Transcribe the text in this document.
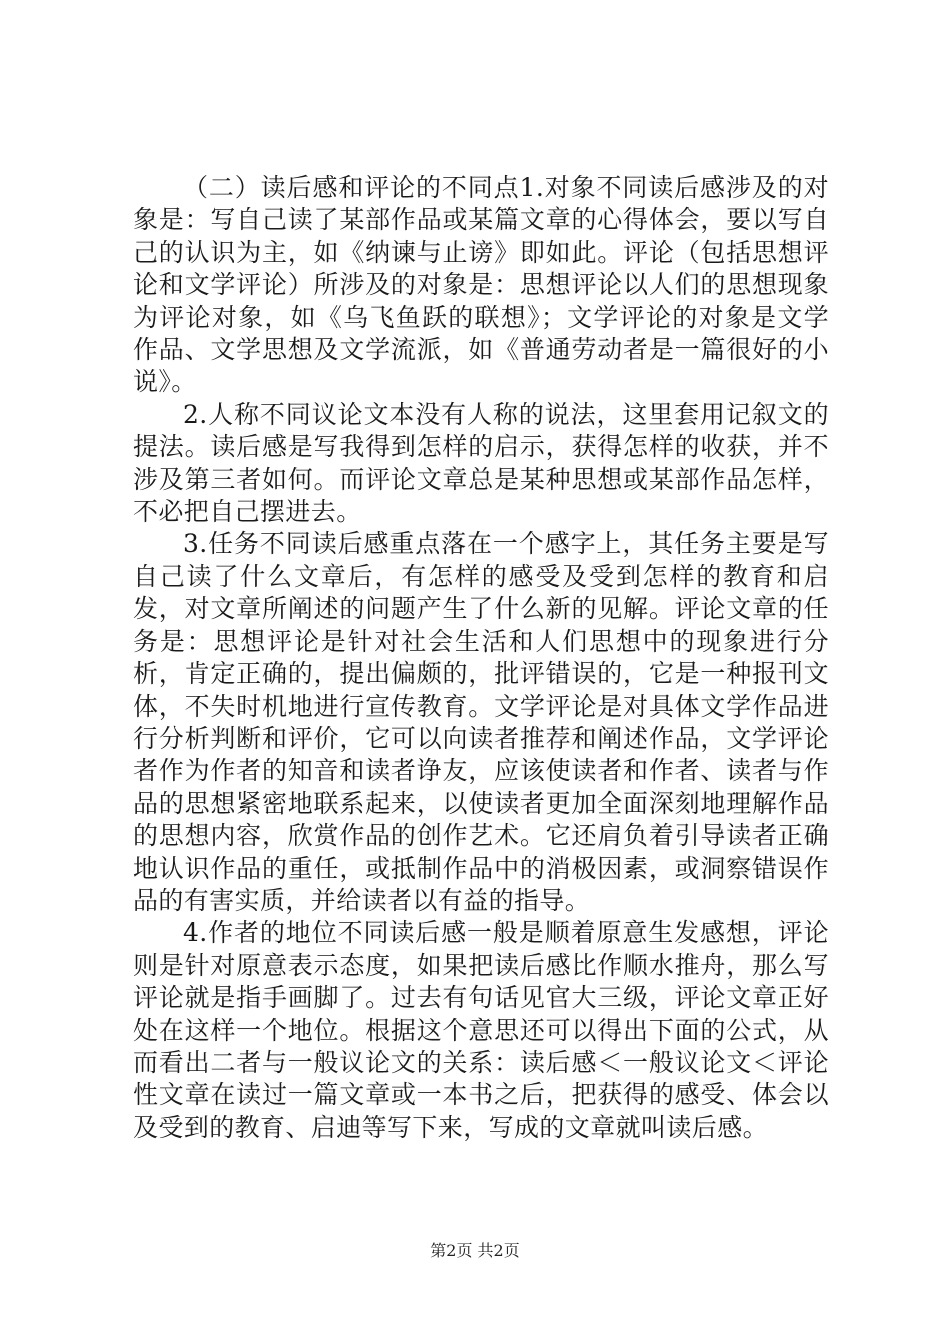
（二）读后感和评论的不同点1.对象不同读后感涉及的对象是：写自己读了某部作品或某篇文章的心得体会，要以写自己的认识为主，如《纳谏与止谤》即如此。评论（包括思想评论和文学评论）所涉及的对象是：思想评论以人们的思想现象为评论对象，如《乌飞鱼跃的联想》；文学评论的对象是文学作品、文学思想及文学流派，如《普通劳动者是一篇很好的小说》。

2.人称不同议论文本没有人称的说法，这里套用记叙文的提法。读后感是写我得到怎样的启示，获得怎样的收获，并不涉及第三者如何。而评论文章总是某种思想或某部作品怎样，不必把自己摆进去。

3.任务不同读后感重点落在一个感字上，其任务主要是写自己读了什么文章后，有怎样的感受及受到怎样的教育和启发，对文章所阐述的问题产生了什么新的见解。评论文章的任务是：思想评论是针对社会生活和人们思想中的现象进行分析，肯定正确的，提出偏颇的，批评错误的，它是一种报刊文体，不失时机地进行宣传教育。文学评论是对具体文学作品进行分析判断和评价，它可以向读者推荐和阐述作品，文学评论者作为作者的知音和读者诤友，应该使读者和作者、读者与作品的思想紧密地联系起来，以使读者更加全面深刻地理解作品的思想内容，欣赏作品的创作艺术。它还肩负着引导读者正确地认识作品的重任，或抵制作品中的消极因素，或洞察错误作品的有害实质，并给读者以有益的指导。

4.作者的地位不同读后感一般是顺着原意生发感想，评论则是针对原意表示态度，如果把读后感比作顺水推舟，那么写评论就是指手画脚了。过去有句话见官大三级，评论文章正好处在这样一个地位。根据这个意思还可以得出下面的公式，从而看出二者与一般议论文的关系：读后感＜一般议论文＜评论性文章在读过一篇文章或一本书之后，把获得的感受、体会以及受到的教育、启迪等写下来，写成的文章就叫读后感。

第2页 共2页
